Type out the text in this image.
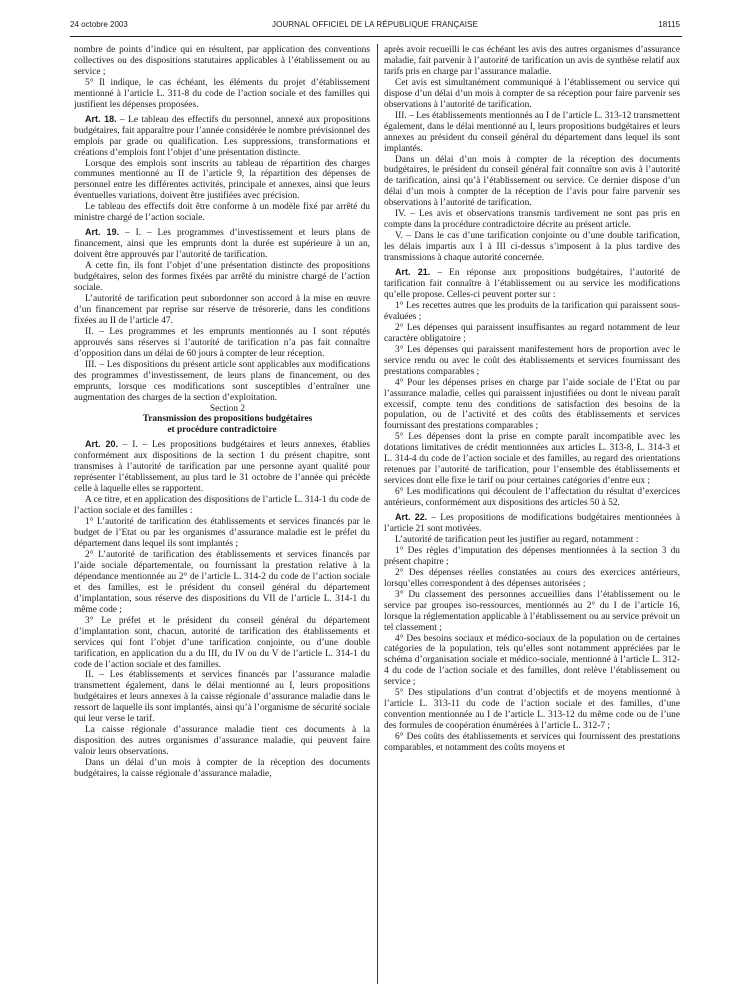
24 octobre 2003	JOURNAL OFFICIEL DE LA RÉPUBLIQUE FRANÇAISE	18115

nombre de points d’indice qui en résultent, par application des conventions collectives ou des dispositions statutaires applicables à l’établissement ou au service ;

5° Il indique, le cas échéant, les éléments du projet d’établissement mentionné à l’article L. 311-8 du code de l’action sociale et des familles qui justifient les dépenses proposées.

Art. 18. – Le tableau des effectifs du personnel, annexé aux propositions budgétaires, fait apparaître pour l’année considérée le nombre prévisionnel des emplois par grade ou qualification. Les suppressions, transformations et créations d’emplois font l’objet d’une présentation distincte.

Lorsque des emplois sont inscrits au tableau de répartition des charges communes mentionné au II de l’article 9, la répartition des dépenses de personnel entre les différentes activités, principale et annexes, ainsi que leurs éventuelles variations, doivent être justifiées avec précision.

Le tableau des effectifs doit être conforme à un modèle fixé par arrêté du ministre chargé de l’action sociale.

Art. 19. – I. – Les programmes d’investissement et leurs plans de financement, ainsi que les emprunts dont la durée est supérieure à un an, doivent être approuvés par l’autorité de tarification.

A cette fin, ils font l’objet d’une présentation distincte des propositions budgétaires, selon des formes fixées par arrêté du ministre chargé de l’action sociale.

L’autorité de tarification peut subordonner son accord à la mise en œuvre d’un financement par reprise sur réserve de trésorerie, dans les conditions fixées au II de l’article 47.

II. – Les programmes et les emprunts mentionnés au I sont réputés approuvés sans réserves si l’autorité de tarification n’a pas fait connaître d’opposition dans un délai de 60 jours à compter de leur réception.

III. – Les dispositions du présent article sont applicables aux modifications des programmes d’investissement, de leurs plans de financement, ou des emprunts, lorsque ces modifications sont susceptibles d’entraîner une augmentation des charges de la section d’exploitation.

Section 2

Transmission des propositions budgétaires
et procédure contradictoire

Art. 20. – I. – Les propositions budgétaires et leurs annexes, établies conformément aux dispositions de la section 1 du présent chapitre, sont transmises à l’autorité de tarification par une personne ayant qualité pour représenter l’établissement, au plus tard le 31 octobre de l’année qui précède celle à laquelle elles se rapportent.

A ce titre, et en application des dispositions de l’article L. 314-1 du code de l’action sociale et des familles :

1° L’autorité de tarification des établissements et services financés par le budget de l’Etat ou par les organismes d’assurance maladie est le préfet du département dans lequel ils sont implantés ;

2° L’autorité de tarification des établissements et services financés par l’aide sociale départementale, ou fournissant la prestation relative à la dépendance mentionnée au 2° de l’article L. 314-2 du code de l’action sociale et des familles, est le président du conseil général du département d’implantation, sous réserve des dispositions du VII de l’article L. 314-1 du même code ;

3° Le préfet et le président du conseil général du département d’implantation sont, chacun, autorité de tarification des établissements et services qui font l’objet d’une tarification conjointe, ou d’une double tarification, en application du a du III, du IV ou du V de l’article L. 314-1 du code de l’action sociale et des familles.

II. – Les établissements et services financés par l’assurance maladie transmettent également, dans le délai mentionné au I, leurs propositions budgétaires et leurs annexes à la caisse régionale d’assurance maladie dans le ressort de laquelle ils sont implantés, ainsi qu’à l’organisme de sécurité sociale qui leur verse le tarif.

La caisse régionale d’assurance maladie tient ces documents à la disposition des autres organismes d’assurance maladie, qui peuvent faire valoir leurs observations.

Dans un délai d’un mois à compter de la réception des documents budgétaires, la caisse régionale d’assurance maladie,

après avoir recueilli le cas échéant les avis des autres organismes d’assurance maladie, fait parvenir à l’autorité de tarification un avis de synthèse relatif aux tarifs pris en charge par l’assurance maladie.

Cet avis est simultanément communiqué à l’établissement ou service qui dispose d’un délai d’un mois à compter de sa réception pour faire parvenir ses observations à l’autorité de tarification.

III. – Les établissements mentionnés au I de l’article L. 313-12 transmettent également, dans le délai mentionné au I, leurs propositions budgétaires et leurs annexes au président du conseil général du département dans lequel ils sont implantés.

Dans un délai d’un mois à compter de la réception des documents budgétaires, le président du conseil général fait connaître son avis à l’autorité de tarification, ainsi qu’à l’établissement ou service. Ce dernier dispose d’un délai d’un mois à compter de la réception de l’avis pour faire parvenir ses observations à l’autorité de tarification.

IV. – Les avis et observations transmis tardivement ne sont pas pris en compte dans la procédure contradictoire décrite au présent article.

V. – Dans le cas d’une tarification conjointe ou d’une double tarification, les délais impartis aux I à III ci-dessus s’imposent à la plus tardive des transmissions à chaque autorité concernée.

Art. 21. – En réponse aux propositions budgétaires, l’autorité de tarification fait connaître à l’établissement ou au service les modifications qu’elle propose. Celles-ci peuvent porter sur :

1° Les recettes autres que les produits de la tarification qui paraissent sous-évaluées ;

2° Les dépenses qui paraissent insuffisantes au regard notamment de leur caractère obligatoire ;

3° Les dépenses qui paraissent manifestement hors de proportion avec le service rendu ou avec le coût des établissements et services fournissant des prestations comparables ;

4° Pour les dépenses prises en charge par l’aide sociale de l’Etat ou par l’assurance maladie, celles qui paraissent injustifiées ou dont le niveau paraît excessif, compte tenu des conditions de satisfaction des besoins de la population, ou de l’activité et des coûts des établissements et services fournissant des prestations comparables ;

5° Les dépenses dont la prise en compte paraît incompatible avec les dotations limitatives de crédit mentionnées aux articles L. 313-8, L. 314-3 et L. 314-4 du code de l’action sociale et des familles, au regard des orientations retenues par l’autorité de tarification, pour l’ensemble des établissements et services dont elle fixe le tarif ou pour certaines catégories d’entre eux ;

6° Les modifications qui découlent de l’affectation du résultat d’exercices antérieurs, conformément aux dispositions des articles 50 à 52.

Art. 22. – Les propositions de modifications budgétaires mentionnées à l’article 21 sont motivées.

L’autorité de tarification peut les justifier au regard, notamment :

1° Des règles d’imputation des dépenses mentionnées à la section 3 du présent chapitre ;

2° Des dépenses réelles constatées au cours des exercices antérieurs, lorsqu’elles correspondent à des dépenses autorisées ;

3° Du classement des personnes accueillies dans l’établissement ou le service par groupes iso-ressources, mentionnés au 2° du I de l’article 16, lorsque la réglementation applicable à l’établissement ou au service prévoit un tel classement ;

4° Des besoins sociaux et médico-sociaux de la population ou de certaines catégories de la population, tels qu’elles sont notamment appréciées par le schéma d’organisation sociale et médico-sociale, mentionné à l’article L. 312-4 du code de l’action sociale et des familles, dont relève l’établissement ou service ;

5° Des stipulations d’un contrat d’objectifs et de moyens mentionné à l’article L. 313-11 du code de l’action sociale et des familles, d’une convention mentionnée au I de l’article L. 313-12 du même code ou de l’une des formules de coopération énumérées à l’article L. 312-7 ;

6° Des coûts des établissements et services qui fournissent des prestations comparables, et notamment des coûts moyens et
